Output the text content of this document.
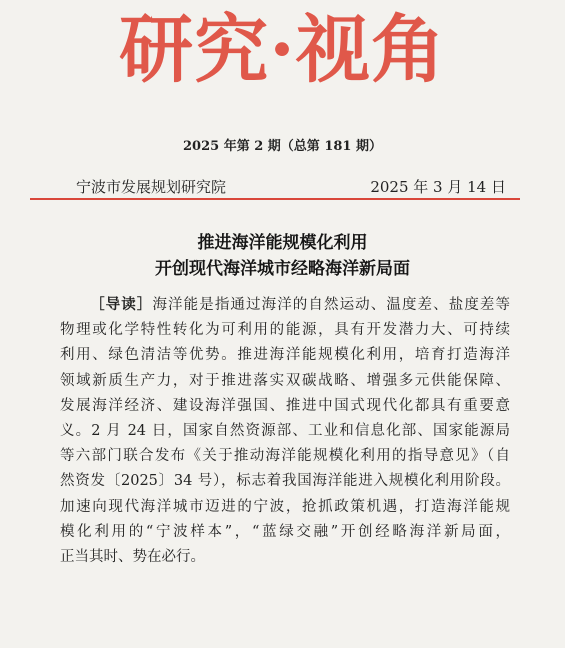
研究·视角
2025 年第 2 期（总第 181 期）
宁波市发展规划研究院	2025 年 3 月 14 日
推进海洋能规模化利用
开创现代海洋城市经略海洋新局面
［导读］海洋能是指通过海洋的自然运动、温度差、盐度差等
物理或化学特性转化为可利用的能源，具有开发潜力大、可持续
利用、绿色清洁等优势。推进海洋能规模化利用，培育打造海洋
领域新质生产力，对于推进落实双碳战略、增强多元供能保障、
发展海洋经济、建设海洋强国、推进中国式现代化都具有重要意
义。2 月 24 日，国家自然资源部、工业和信息化部、国家能源局
等六部门联合发布《关于推动海洋能规模化利用的指导意见》（自
然资发〔2025〕34 号），标志着我国海洋能进入规模化利用阶段。
加速向现代海洋城市迈进的宁波，抢抓政策机遇，打造海洋能规
模化利用的“宁波样本”，“蓝绿交融”开创经略海洋新局面，
正当其时、势在必行。
